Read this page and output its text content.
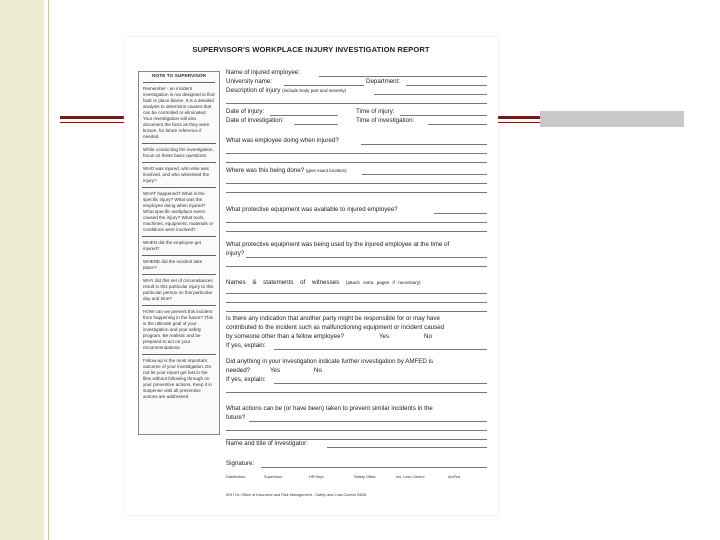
SUPERVISOR'S WORKPLACE INJURY INVESTIGATION REPORT
NOTE TO SUPERVISOR

Remember - an incident investigation is not designed to find fault or place blame. It is a detailed analysis to determine causes that can be controlled or eliminated. Your investigation will also document the facts as they were known, for future reference if needed.

While conducting the investigation, focus on these basic questions:

WHO was injured, who else was involved, and who witnessed the injury?

WHAT happened? What is the specific injury? What was the employee doing when injured? What specific workplace event caused the injury? What tools, machines, equipment, materials or conditions were involved?

WHEN did the employee get injured?

WHERE did the incident take place?

WHY did this set of circumstances result in this particular injury to this particular person on this particular day and time?

HOW can we prevent this incident from happening in the future? This is the ultimate goal of your investigation and your safety program. Be realistic and be prepared to act on your recommendations.

Follow-up is the most important outcome of your investigation. Do not let your report get lost in the files without following through on your preventive actions. Keep it in suspense until all preventive actions are addressed.

Name of injured employee:
University name:	Department:
Description of injury (include body part and severity)
Date of injury:	Time of injury:
Date of investigation:	Time of investigation:
What was employee doing when injured?
Where was this being done? (give exact location)
What protective equipment was available to injured employee?
What protective equipment was being used by the injured employee at the time of
injury?
Names & statements of witnesses (attach extra pages if necessary)
Is there any indication that another party might be responsible for or may have
contributed to the incident such as malfunctioning equipment or incident caused
by someone other than a fellow employee?	Yes	No
If yes, explain:
Did anything in your investigation indicate further investigation by AMFED is
needed?	Yes	No
If yes, explain:
What actions can be (or have been) taken to prevent similar incidents in the
future?
Name and title of investigator:
Signature:
Distribution:	Supervisor	HR Dept.	Safety Office	Ins. Loss Control	AmFed
WS I HL Office of Insurance and Risk Management - Safety and Loss Control 04/05
